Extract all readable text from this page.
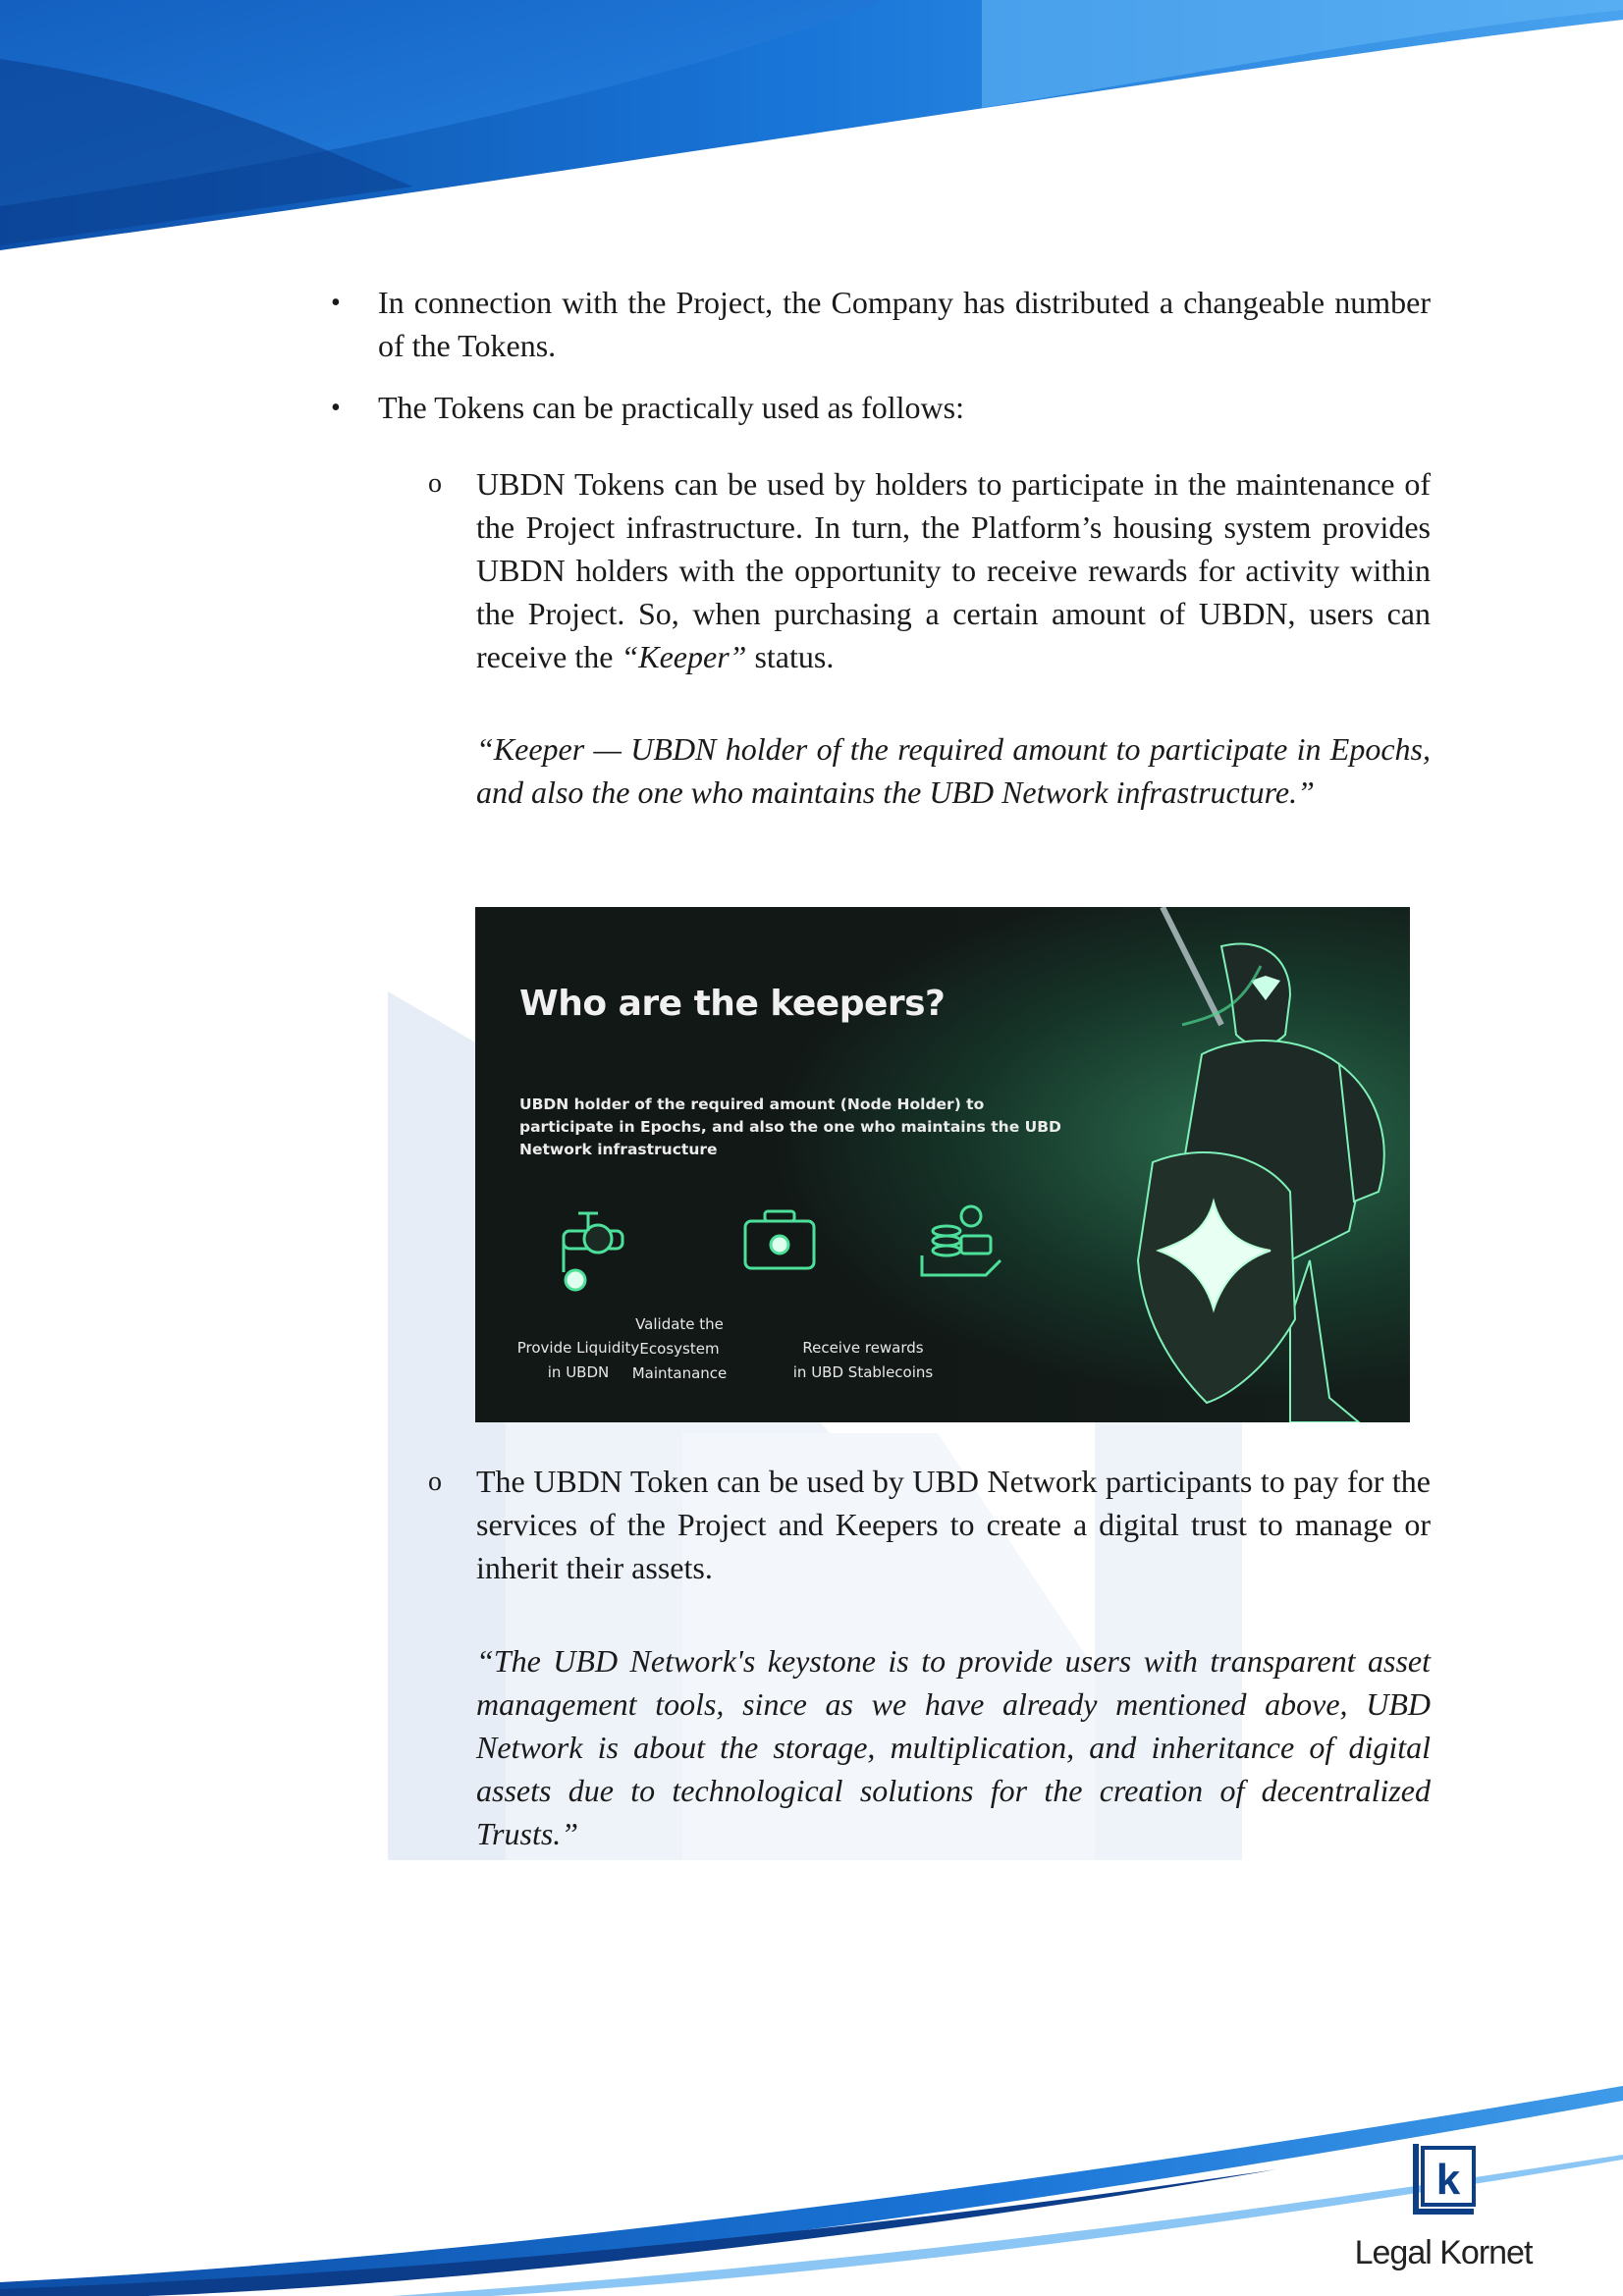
• In connection with the Project, the Company has distributed a changeable number of the Tokens.

• The Tokens can be practically used as follows:

o UBDN Tokens can be used by holders to participate in the maintenance of the Project infrastructure. In turn, the Platform’s housing system provides UBDN holders with the opportunity to receive rewards for activity within the Project. So, when purchasing a certain amount of UBDN, users can receive the “Keeper” status.

“Keeper — UBDN holder of the required amount to participate in Epochs, and also the one who maintains the UBD Network infrastructure.”

Who are the keepers?

UBDN holder of the required amount (Node Holder) to participate in Epochs, and also the one who maintains the UBD Network infrastructure

Provide Liquidity
in UBDN
Validate the
Ecosystem
Maintanance
Receive rewards
in UBD Stablecoins
o The UBDN Token can be used by UBD Network participants to pay for the services of the Project and Keepers to create a digital trust to manage or inherit their assets.

“The UBD Network's keystone is to provide users with transparent asset management tools, since as we have already mentioned above, UBD Network is about the storage, multiplication, and inheritance of digital assets due to technological solutions for the creation of decentralized Trusts.”

k
Legal Kornet
